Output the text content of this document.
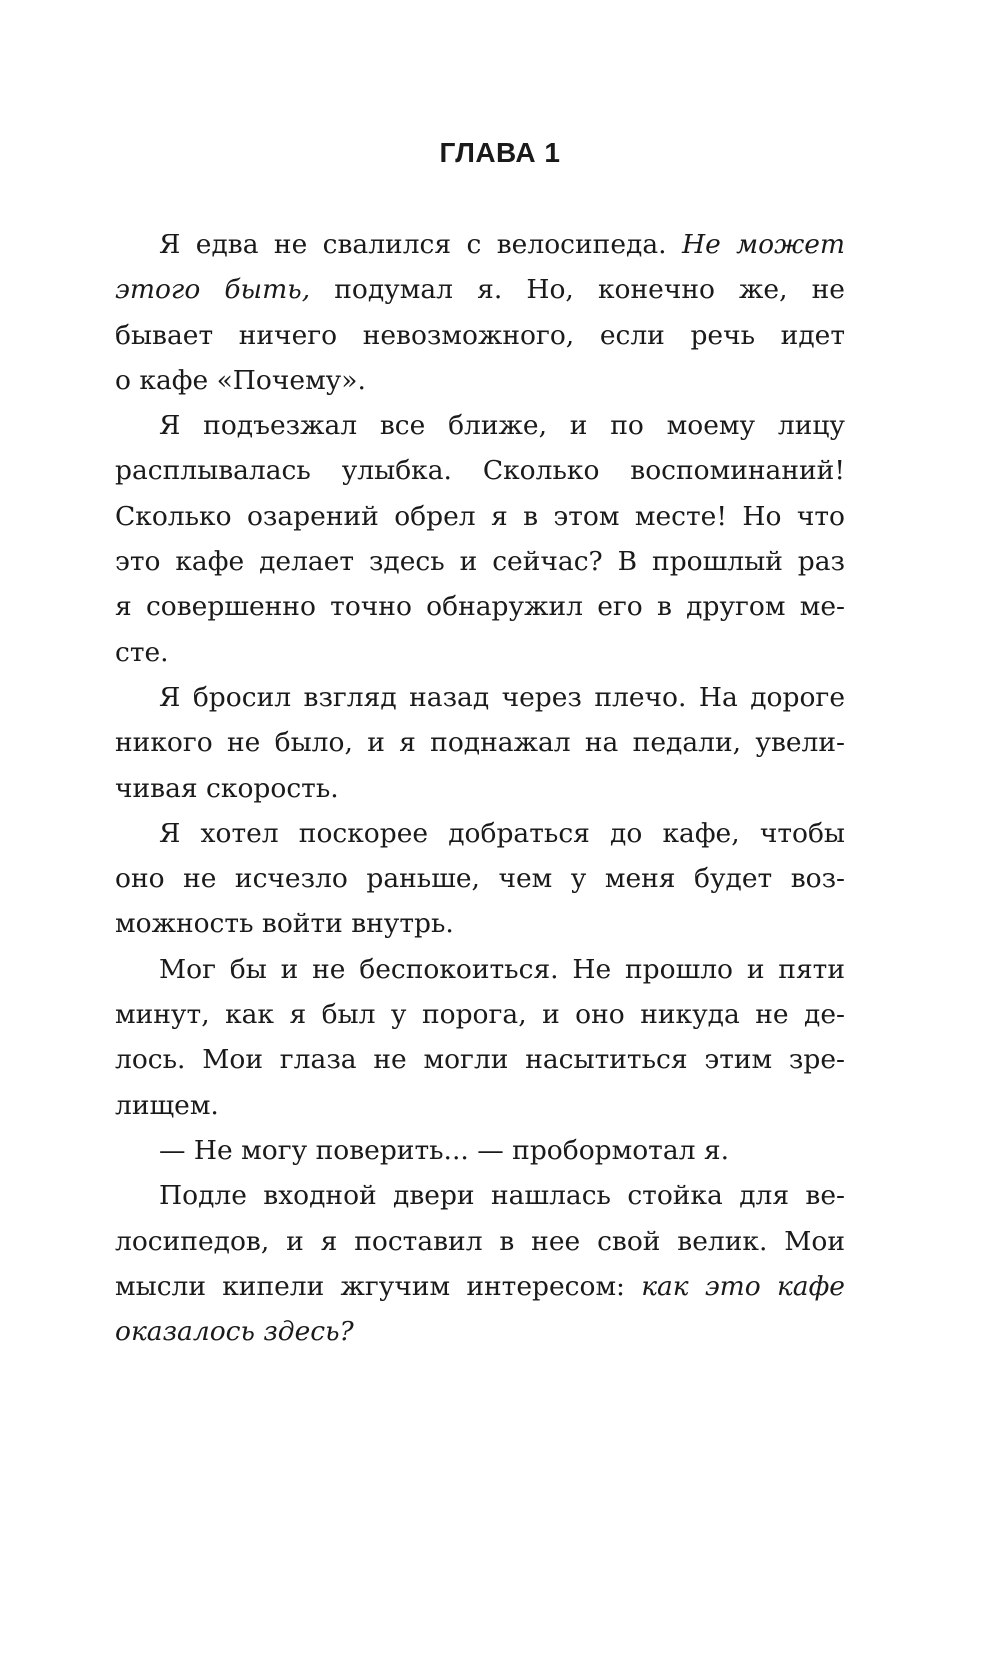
ГЛАВА 1
Я едва не свалился с велосипеда. Не может
этого быть, подумал я. Но, конечно же, не
бывает ничего невозможного, если речь идет
о кафе «Почему».
Я подъезжал все ближе, и по моему лицу
расплывалась улыбка. Сколько воспоминаний!
Сколько озарений обрел я в этом месте! Но что
это кафе делает здесь и сейчас? В прошлый раз
я совершенно точно обнаружил его в другом ме-
сте.
Я бросил взгляд назад через плечо. На дороге
никого не было, и я поднажал на педали, увели-
чивая скорость.
Я хотел поскорее добраться до кафе, чтобы
оно не исчезло раньше, чем у меня будет воз-
можность войти внутрь.
Мог бы и не беспокоиться. Не прошло и пяти
минут, как я был у порога, и оно никуда не де-
лось. Мои глаза не могли насытиться этим зре-
лищем.
— Не могу поверить... — пробормотал я.
Подле входной двери нашлась стойка для ве-
лосипедов, и я поставил в нее свой велик. Мои
мысли кипели жгучим интересом: как это кафе
оказалось здесь?
